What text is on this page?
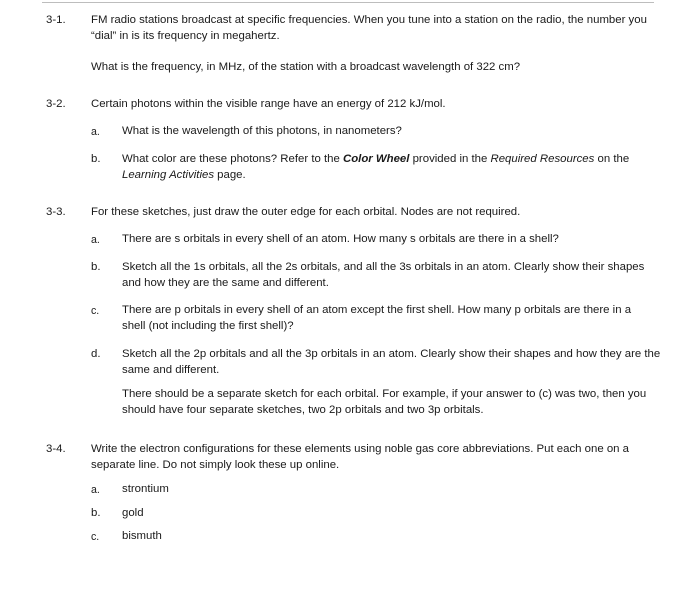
3-1. FM radio stations broadcast at specific frequencies. When you tune into a station on the radio, the number you “dial” in is its frequency in megahertz.
What is the frequency, in MHz, of the station with a broadcast wavelength of 322 cm?
3-2. Certain photons within the visible range have an energy of 212 kJ/mol.
a.	What is the wavelength of this photons, in nanometers?
b.	What color are these photons? Refer to the Color Wheel provided in the Required Resources on the Learning Activities page.
3-3. For these sketches, just draw the outer edge for each orbital. Nodes are not required.
a.	There are s orbitals in every shell of an atom. How many s orbitals are there in a shell?
b.	Sketch all the 1s orbitals, all the 2s orbitals, and all the 3s orbitals in an atom. Clearly show their shapes and how they are the same and different.
c.	There are p orbitals in every shell of an atom except the first shell. How many p orbitals are there in a shell (not including the first shell)?
d.	Sketch all the 2p orbitals and all the 3p orbitals in an atom. Clearly show their shapes and how they are the same and different.
There should be a separate sketch for each orbital. For example, if your answer to (c) was two, then you should have four separate sketches, two 2p orbitals and two 3p orbitals.
3-4. Write the electron configurations for these elements using noble gas core abbreviations. Put each one on a separate line. Do not simply look these up online.
a.	strontium
b.	gold
c.	bismuth
